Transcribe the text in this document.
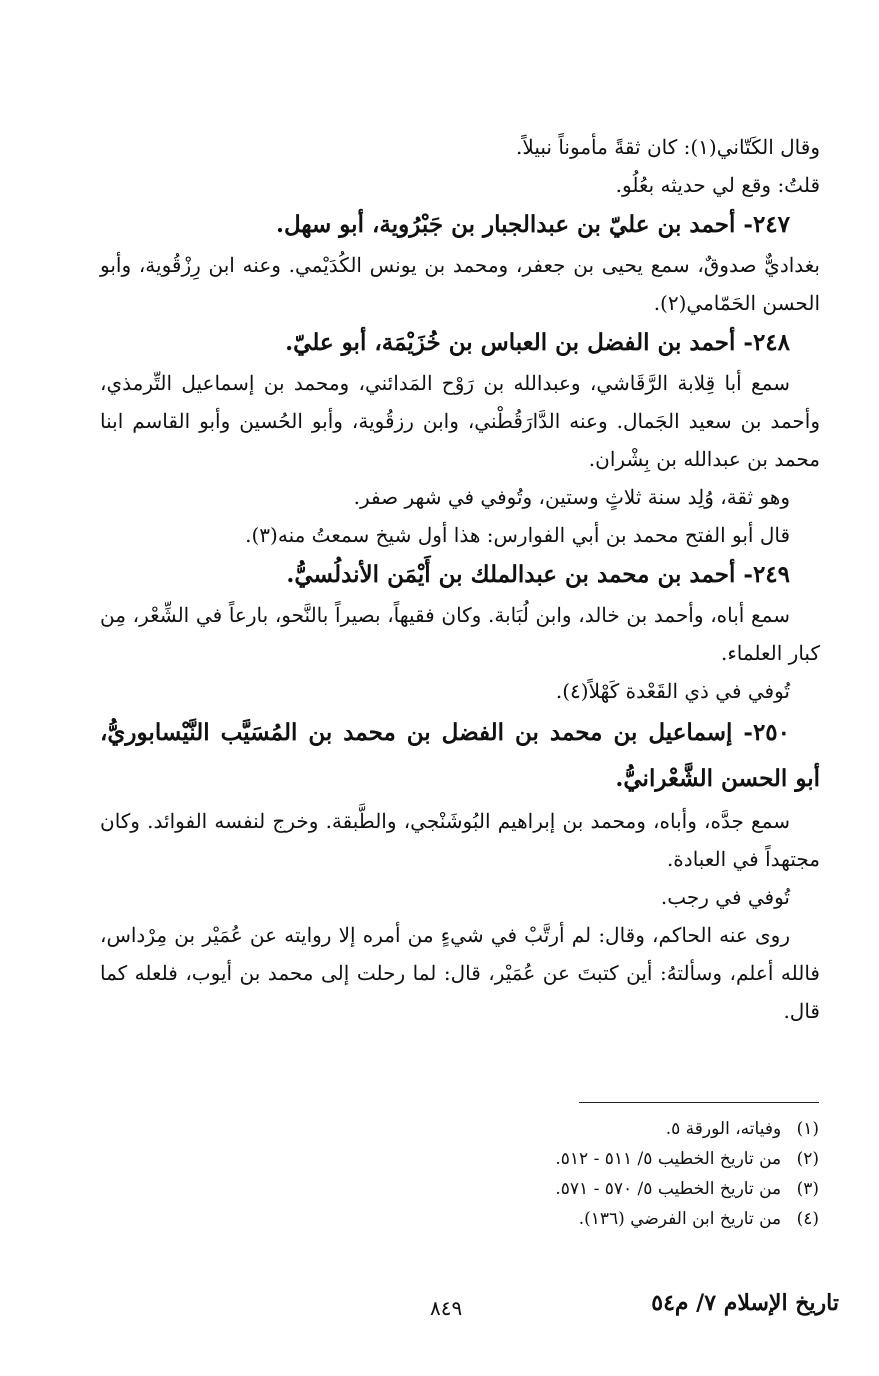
وقال الكَتّاني(١): كان ثقةً مأموناً نبيلاً.

قلتُ: وقع لي حديثه بعُلُو.

٢٤٧- أحمد بن عليّ بن عبدالجبار بن جَبْرُوية، أبو سهل.

بغداديٌّ صدوقٌ، سمع يحيى بن جعفر، ومحمد بن يونس الكُدَيْمي. وعنه ابن رِزْقُوية، وأبو الحسن الحَمّامي(٢).

٢٤٨- أحمد بن الفضل بن العباس بن خُزَيْمَة، أبو عليّ.

سمع أبا قِلابة الرَّقَاشي، وعبدالله بن رَوْح المَدائني، ومحمد بن إسماعيل التِّرمذي، وأحمد بن سعيد الجَمال. وعنه الدَّارَقُطْني، وابن رزقُوية، وأبو الحُسين وأبو القاسم ابنا محمد بن عبدالله بن بِشْران.

وهو ثقة، وُلِد سنة ثلاثٍ وستين، وتُوفي في شهر صفر.

قال أبو الفتح محمد بن أبي الفوارس: هذا أول شيخ سمعتُ منه(٣).

٢٤٩- أحمد بن محمد بن عبدالملك بن أَيْمَن الأندلُسيُّ.

سمع أباه، وأحمد بن خالد، وابن لُبَابة. وكان فقيهاً، بصيراً بالنَّحو، بارعاً في الشِّعْر، مِن كبار العلماء.

تُوفي في ذي القَعْدة كَهْلاً(٤).

٢٥٠- إسماعيل بن محمد بن الفضل بن محمد بن المُسَيَّب النَّيْسابوريُّ، أبو الحسن الشَّعْرانيُّ.

سمع جدَّه، وأباه، ومحمد بن إبراهيم البُوشَنْجي، والطَّبقة. وخرج لنفسه الفوائد. وكان مجتهداً في العبادة.

تُوفي في رجب.

روى عنه الحاكم، وقال: لم أرتَّبْ في شيءٍ من أمره إلا روايته عن عُمَيْر بن مِرْداس، فالله أعلم، وسألتهُ: أين كتبتَ عن عُمَيْر، قال: لما رحلت إلى محمد بن أيوب، فلعله كما قال.

(١) وفياته، الورقة ٥.

(٢) من تاريخ الخطيب ٥/ ٥١١ - ٥١٢.

(٣) من تاريخ الخطيب ٥/ ٥٧٠ - ٥٧١.

(٤) من تاريخ ابن الفرضي (١٣٦).

تاريخ الإسلام ٧/ م٥٤
٨٤٩
